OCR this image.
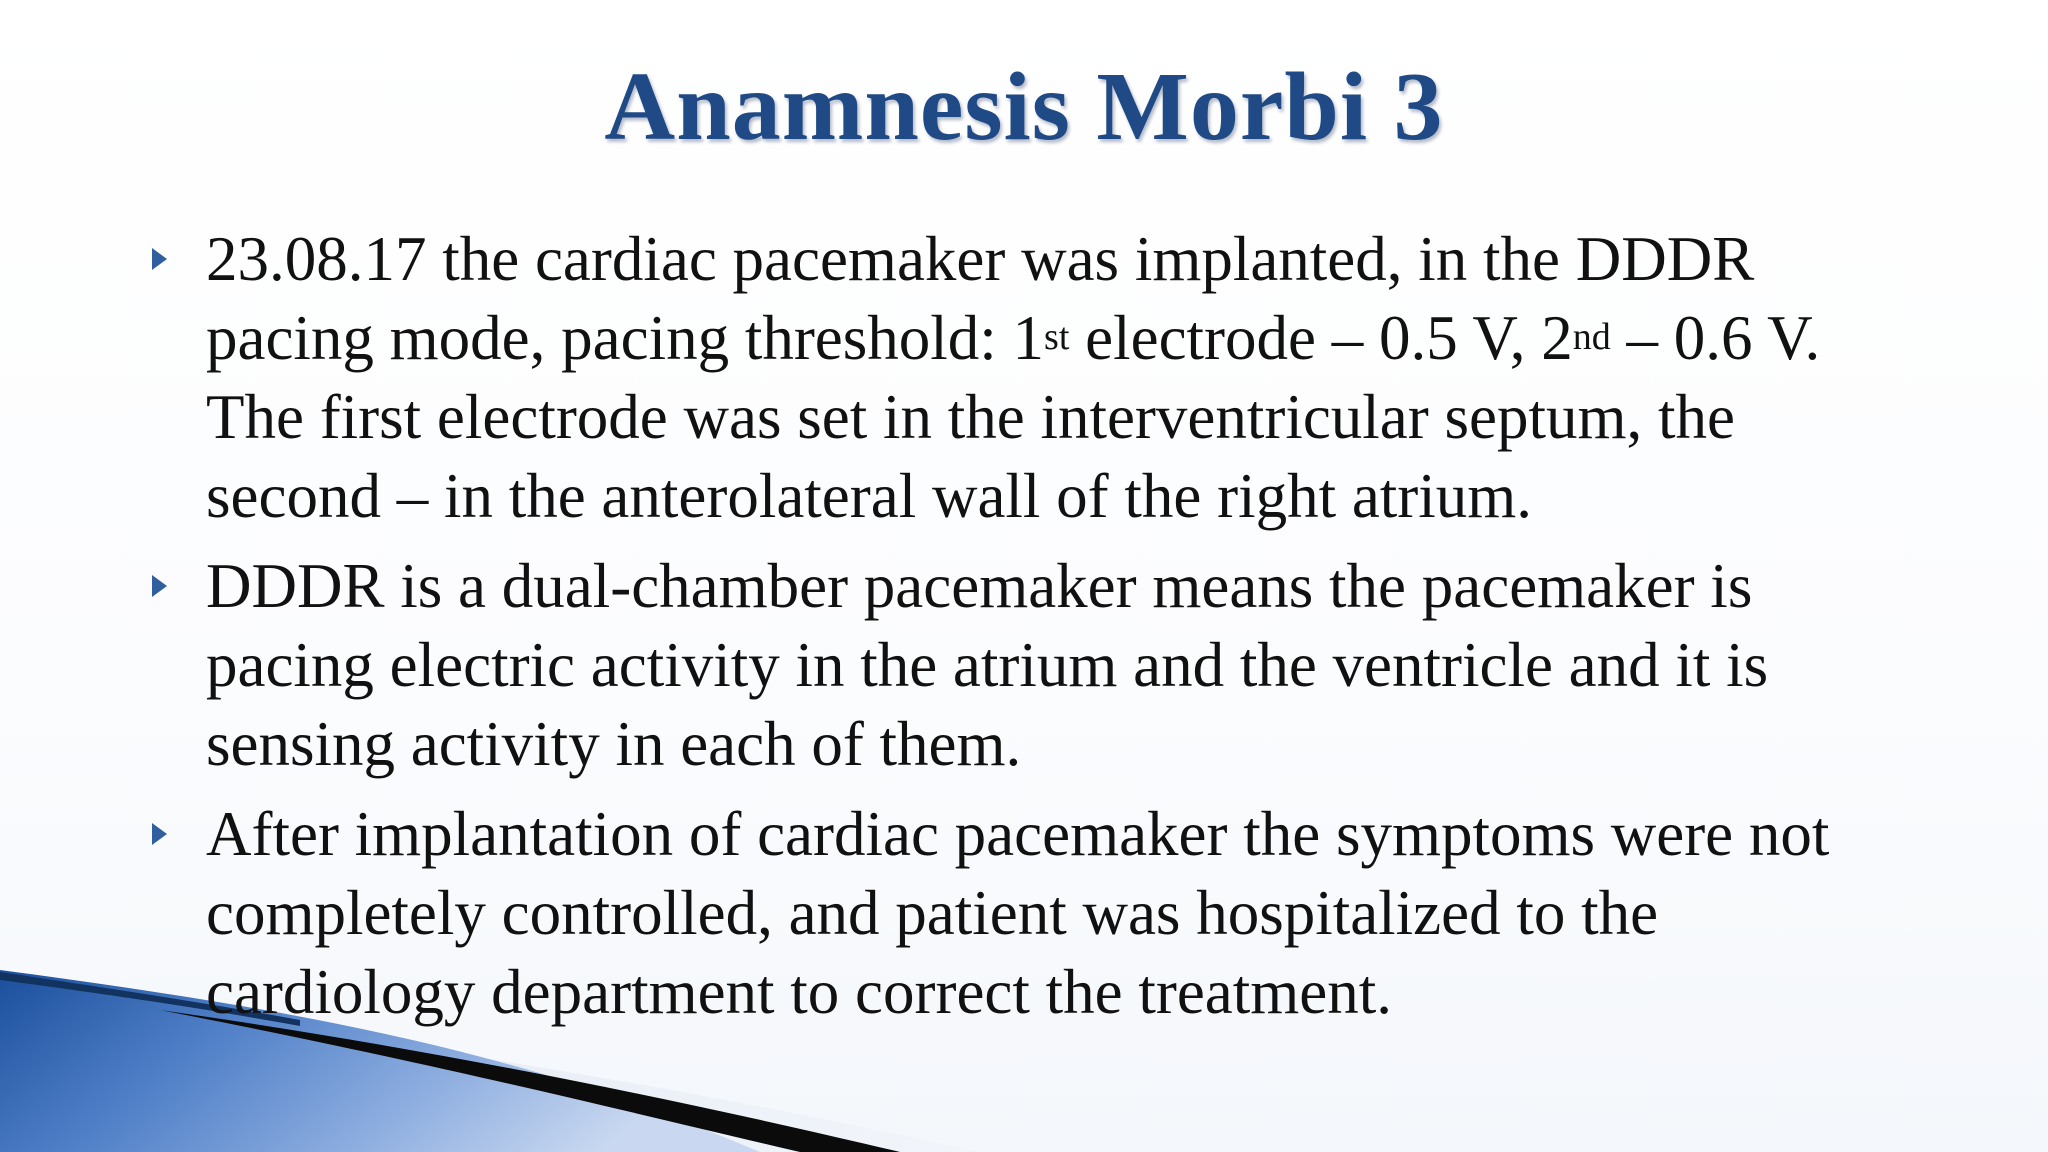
Anamnesis Morbi 3
23.08.17 the cardiac pacemaker was implanted, in the DDDR
pacing mode, pacing threshold: 1st electrode – 0.5 V, 2nd – 0.6 V.
The first electrode was set in the interventricular septum, the
second – in the anterolateral wall of the right atrium.
DDDR is a dual-chamber pacemaker means the pacemaker is
pacing electric activity in the atrium and the ventricle and it is
sensing activity in each of them.
After implantation of cardiac pacemaker the symptoms were not
completely controlled, and patient was hospitalized to the
cardiology department to correct the treatment.
